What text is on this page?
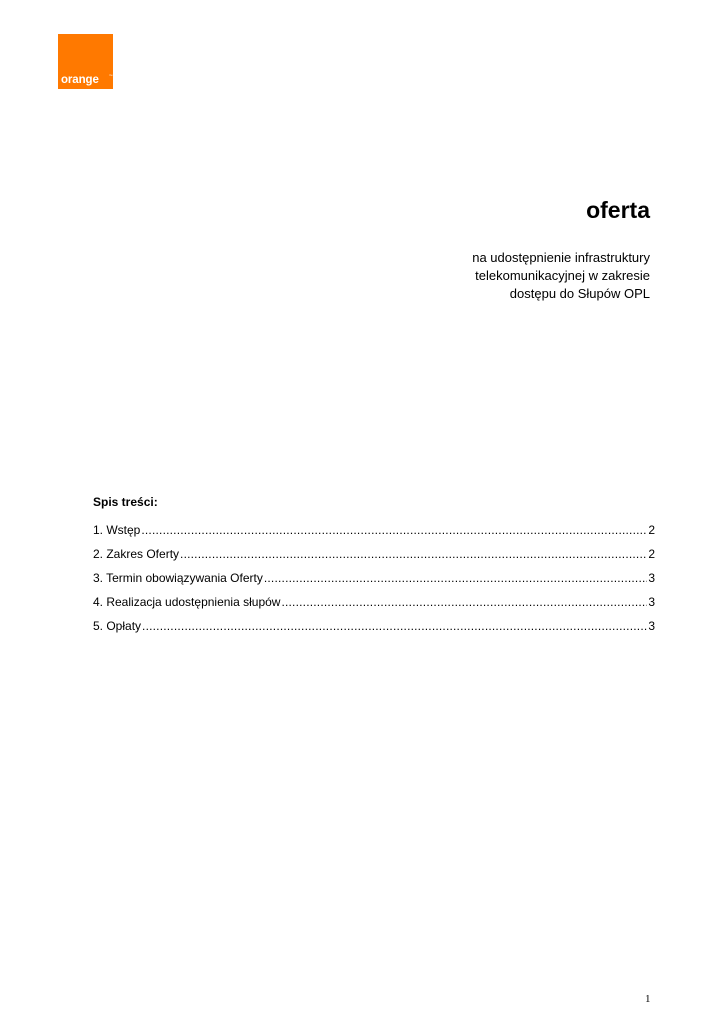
orange	™
oferta
na udostępnienie infrastruktury
telekomunikacyjnej w zakresie
dostępu do Słupów OPL
Spis treści:
1. Wstęp .....	2
2. Zakres Oferty .....	2
3. Termin obowiązywania Oferty .....	3
4. Realizacja udostępnienia słupów .....	3
5. Opłaty .....	3
1
